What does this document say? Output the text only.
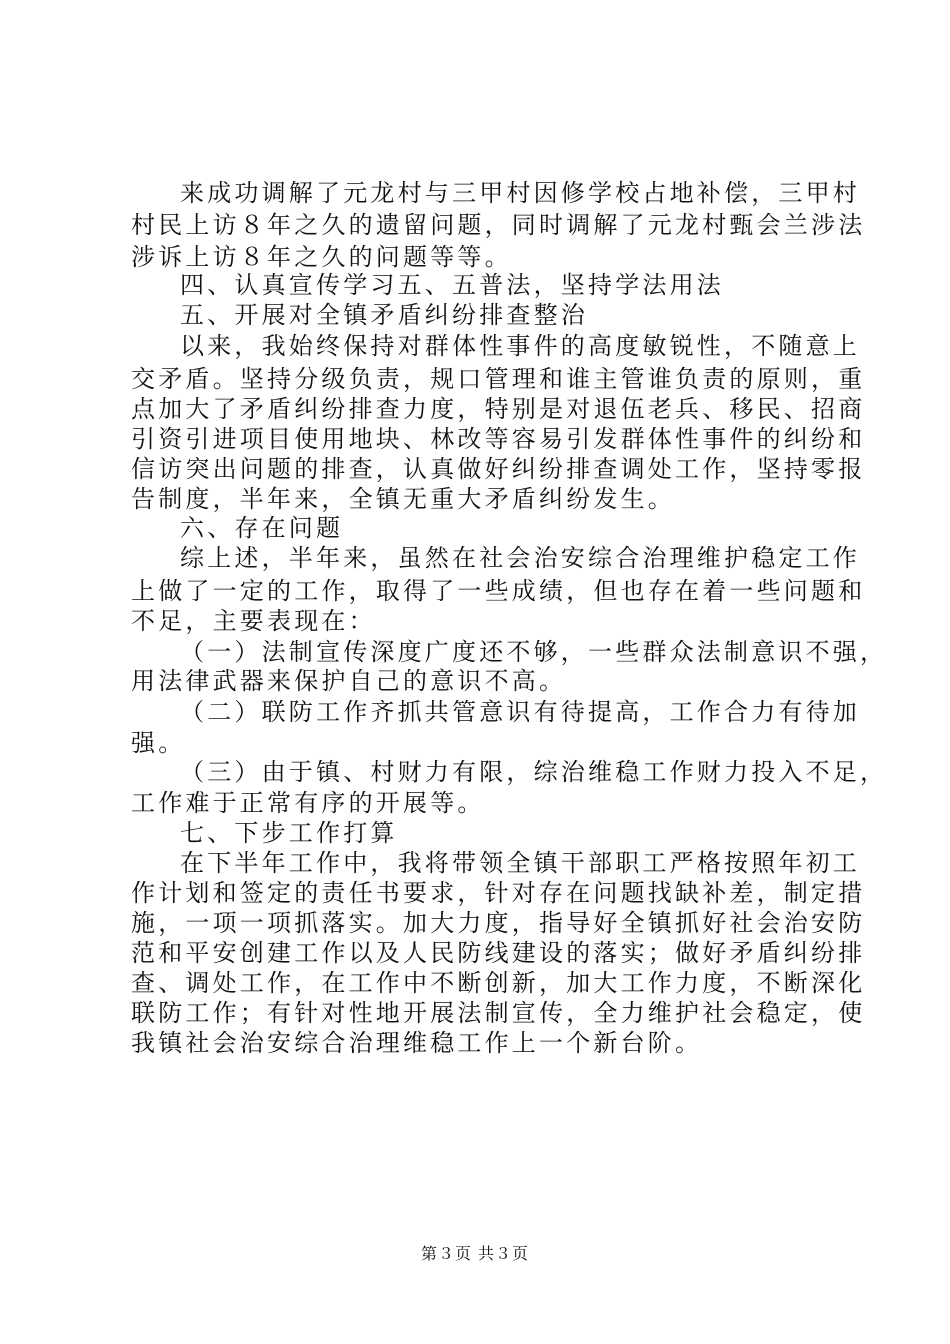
来成功调解了元龙村与三甲村因修学校占地补偿，三甲村
村民上访８年之久的遗留问题，同时调解了元龙村甄会兰涉法
涉诉上访８年之久的问题等等。
四、认真宣传学习五、五普法，坚持学法用法
五、开展对全镇矛盾纠纷排查整治
以来，我始终保持对群体性事件的高度敏锐性，不随意上
交矛盾。坚持分级负责，规口管理和谁主管谁负责的原则，重
点加大了矛盾纠纷排查力度，特别是对退伍老兵、移民、招商
引资引进项目使用地块、林改等容易引发群体性事件的纠纷和
信访突出问题的排查，认真做好纠纷排查调处工作，坚持零报
告制度，半年来，全镇无重大矛盾纠纷发生。
六、存在问题
综上述，半年来，虽然在社会治安综合治理维护稳定工作
上做了一定的工作，取得了一些成绩，但也存在着一些问题和
不足，主要表现在：
（一）法制宣传深度广度还不够，一些群众法制意识不强，
用法律武器来保护自己的意识不高。
（二）联防工作齐抓共管意识有待提高，工作合力有待加
强。
（三）由于镇、村财力有限，综治维稳工作财力投入不足，
工作难于正常有序的开展等。
七、下步工作打算
在下半年工作中，我将带领全镇干部职工严格按照年初工
作计划和签定的责任书要求，针对存在问题找缺补差，制定措
施，一项一项抓落实。加大力度，指导好全镇抓好社会治安防
范和平安创建工作以及人民防线建设的落实；做好矛盾纠纷排
查、调处工作，在工作中不断创新，加大工作力度，不断深化
联防工作；有针对性地开展法制宣传，全力维护社会稳定，使
我镇社会治安综合治理维稳工作上一个新台阶。
第３页 共３页
